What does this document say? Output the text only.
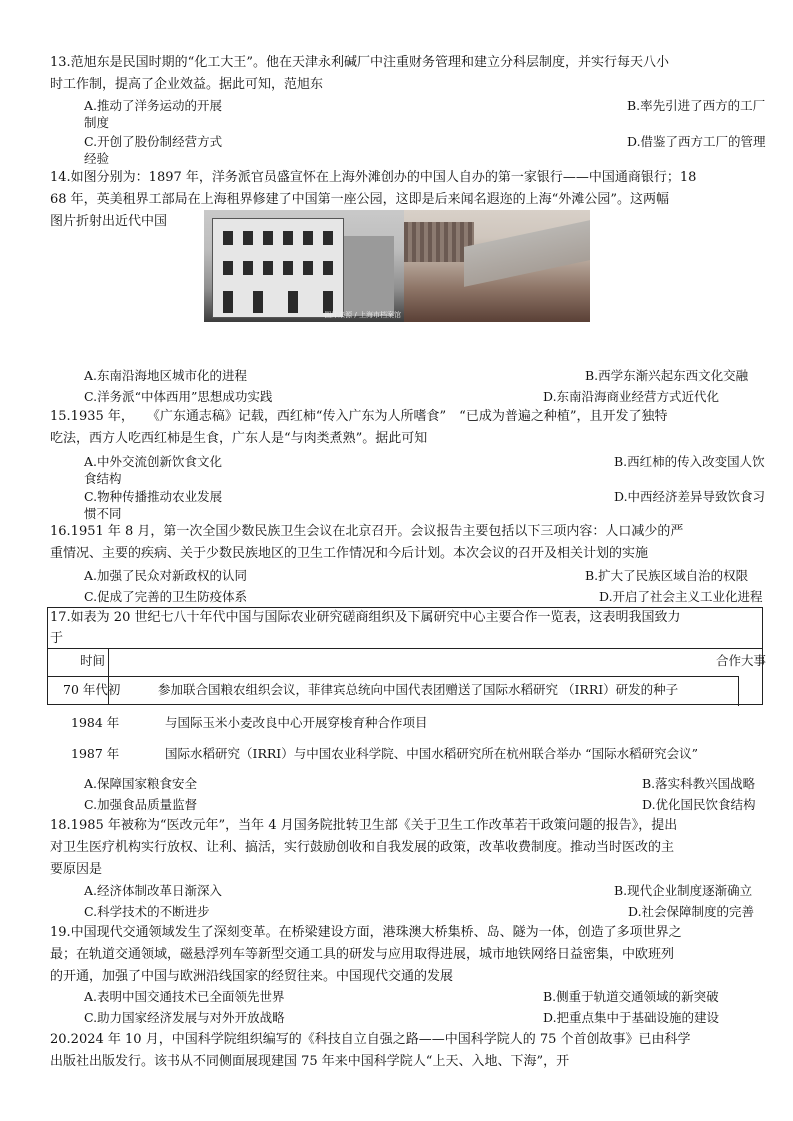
13.范旭东是民国时期的“化工大王”。他在天津永利碱厂中注重财务管理和建立分科层制度，并实行每天八小
时工作制，提高了企业效益。据此可知，范旭东
A.推动了洋务运动的开展	B.率先引进了西方的工厂
制度
C.开创了股份制经营方式	D.借鉴了西方工厂的管理
经验
14.如图分别为：1897 年，洋务派官员盛宣怀在上海外滩创办的中国人自办的第一家银行——中国通商银行；18
68 年，英美租界工部局在上海租界修建了中国第一座公园，这即是后来闻名遐迩的上海“外滩公园”。这两幅
图片折射出近代中国
图片来源 / 上海市档案馆
A.东南沿海地区城市化的进程	B.西学东渐兴起东西文化交融
C.洋务派“中体西用”思想成功实践	D.东南沿海商业经营方式近代化
15.1935 年，　　《广东通志稿》记载，西红柿“传入广东为人所嗜食”　“已成为普遍之种植”，且开发了独特
吃法，西方人吃西红柿是生食，广东人是“与肉类煮熟”。据此可知
A.中外交流创新饮食文化	B.西红柿的传入改变国人饮
食结构
C.物种传播推动农业发展	D.中西经济差异导致饮食习
惯不同
16.1951 年 8 月，第一次全国少数民族卫生会议在北京召开。会议报告主要包括以下三项内容：人口减少的严
重情况、主要的疾病、关于少数民族地区的卫生工作情况和今后计划。本次会议的召开及相关计划的实施
A.加强了民众对新政权的认同	B.扩大了民族区域自治的权限
C.促成了完善的卫生防疫体系	D.开启了社会主义工业化进程
17.如表为 20 世纪七八十年代中国与国际农业研究磋商组织及下属研究中心主要合作一览表，这表明我国致力
于
时间	合作大事
70 年代初	参加联合国粮农组织会议，菲律宾总统向中国代表团赠送了国际水稻研究 （IRRI）研发的种子
1984 年	与国际玉米小麦改良中心开展穿梭育种合作项目
1987 年	国际水稻研究（IRRI）与中国农业科学院、中国水稻研究所在杭州联合举办 “国际水稻研究会议”
A.保障国家粮食安全	B.落实科教兴国战略
C.加强食品质量监督	D.优化国民饮食结构
18.1985 年被称为“医改元年”，当年 4 月国务院批转卫生部《关于卫生工作改革若干政策问题的报告》，提出
对卫生医疗机构实行放权、让利、搞活，实行鼓励创收和自我发展的政策，改革收费制度。推动当时医改的主
要原因是
A.经济体制改革日渐深入	B.现代企业制度逐渐确立
C.科学技术的不断进步	D.社会保障制度的完善
19.中国现代交通领域发生了深刻变革。在桥梁建设方面，港珠澳大桥集桥、岛、隧为一体，创造了多项世界之
最；在轨道交通领域，磁悬浮列车等新型交通工具的研发与应用取得进展，城市地铁网络日益密集，中欧班列
的开通，加强了中国与欧洲沿线国家的经贸往来。中国现代交通的发展
A.表明中国交通技术已全面领先世界	B.侧重于轨道交通领域的新突破
C.助力国家经济发展与对外开放战略	D.把重点集中于基础设施的建设
20.2024 年 10 月，中国科学院组织编写的《科技自立自强之路——中国科学院人的 75 个首创故事》已由科学
出版社出版发行。该书从不同侧面展现建国 75 年来中国科学院人“上天、入地、下海”，开
